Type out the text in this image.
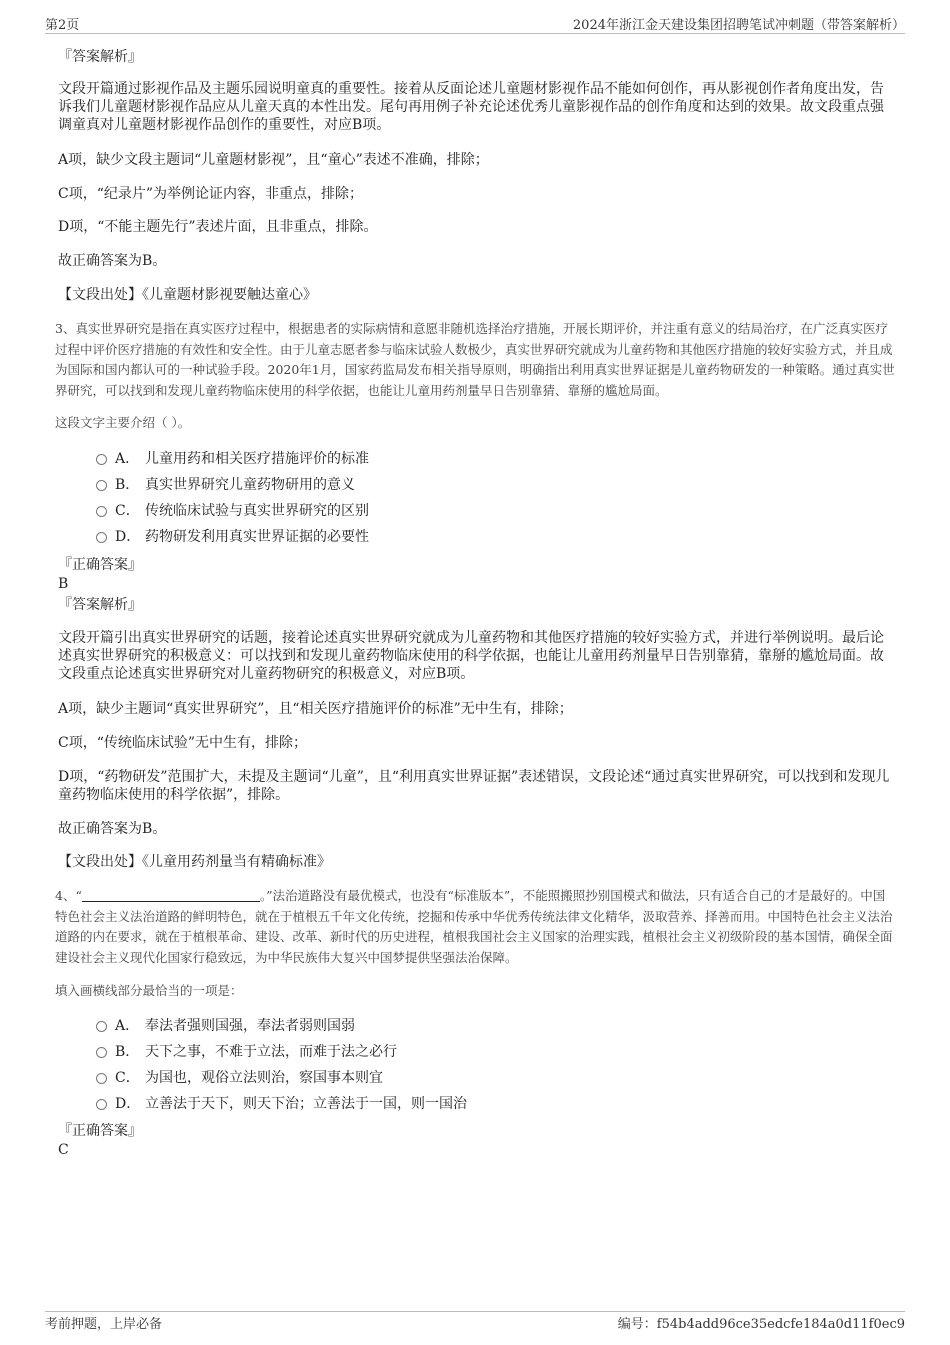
第2页	2024年浙江金天建设集团招聘笔试冲刺题（带答案解析）
『答案解析』

文段开篇通过影视作品及主题乐园说明童真的重要性。接着从反面论述儿童题材影视作品不能如何创作，再从影视创作者角度出发，告诉我们儿童题材影视作品应从儿童天真的本性出发。尾句再用例子补充论述优秀儿童影视作品的创作角度和达到的效果。故文段重点强调童真对儿童题材影视作品创作的重要性，对应B项。

A项，缺少文段主题词“儿童题材影视”，且“童心”表述不准确，排除；

C项，“纪录片”为举例论证内容，非重点，排除；

D项，“不能主题先行”表述片面，且非重点，排除。

故正确答案为B。

【文段出处】《儿童题材影视要触达童心》

3、真实世界研究是指在真实医疗过程中，根据患者的实际病情和意愿非随机选择治疗措施，开展长期评价，并注重有意义的结局治疗，在广泛真实医疗过程中评价医疗措施的有效性和安全性。由于儿童志愿者参与临床试验人数极少，真实世界研究就成为儿童药物和其他医疗措施的较好实验方式，并且成为国际和国内都认可的一种试验手段。2020年1月，国家药监局发布相关指导原则，明确指出利用真实世界证据是儿童药物研发的一种策略。通过真实世界研究，可以找到和发现儿童药物临床使用的科学依据，也能让儿童用药剂量早日告别靠猜、靠掰的尴尬局面。

这段文字主要介绍（ ）。

A． 儿童用药和相关医疗措施评价的标准
B． 真实世界研究儿童药物研用的意义
C． 传统临床试验与真实世界研究的区别
D． 药物研发利用真实世界证据的必要性
『正确答案』
B
『答案解析』

文段开篇引出真实世界研究的话题，接着论述真实世界研究就成为儿童药物和其他医疗措施的较好实验方式，并进行举例说明。最后论述真实世界研究的积极意义：可以找到和发现儿童药物临床使用的科学依据，也能让儿童用药剂量早日告别靠猜，靠掰的尴尬局面。故文段重点论述真实世界研究对儿童药物研究的积极意义，对应B项。

A项，缺少主题词“真实世界研究”，且“相关医疗措施评价的标准”无中生有，排除；

C项，“传统临床试验”无中生有，排除；

D项，“药物研发”范围扩大，未提及主题词“儿童”，且“利用真实世界证据”表述错误，文段论述“通过真实世界研究，可以找到和发现儿童药物临床使用的科学依据”，排除。

故正确答案为B。

【文段出处】《儿童用药剂量当有精确标准》

4、“	。”法治道路没有最优模式，也没有“标准版本”，不能照搬照抄别国模式和做法，只有适合自己的才是最好的。中国特色社会主义法治道路的鲜明特色，就在于植根五千年文化传统，挖掘和传承中华优秀传统法律文化精华，汲取营养、择善而用。中国特色社会主义法治道路的内在要求，就在于植根革命、建设、改革、新时代的历史进程，植根我国社会主义国家的治理实践，植根社会主义初级阶段的基本国情，确保全面建设社会主义现代化国家行稳致远，为中华民族伟大复兴中国梦提供坚强法治保障。

填入画横线部分最恰当的一项是：

A． 奉法者强则国强，奉法者弱则国弱
B． 天下之事，不难于立法，而难于法之必行
C． 为国也，观俗立法则治，察国事本则宜
D． 立善法于天下，则天下治；立善法于一国，则一国治
『正确答案』
C
考前押题，上岸必备	编号：f54b4add96ce35edcfe184a0d11f0ec9
